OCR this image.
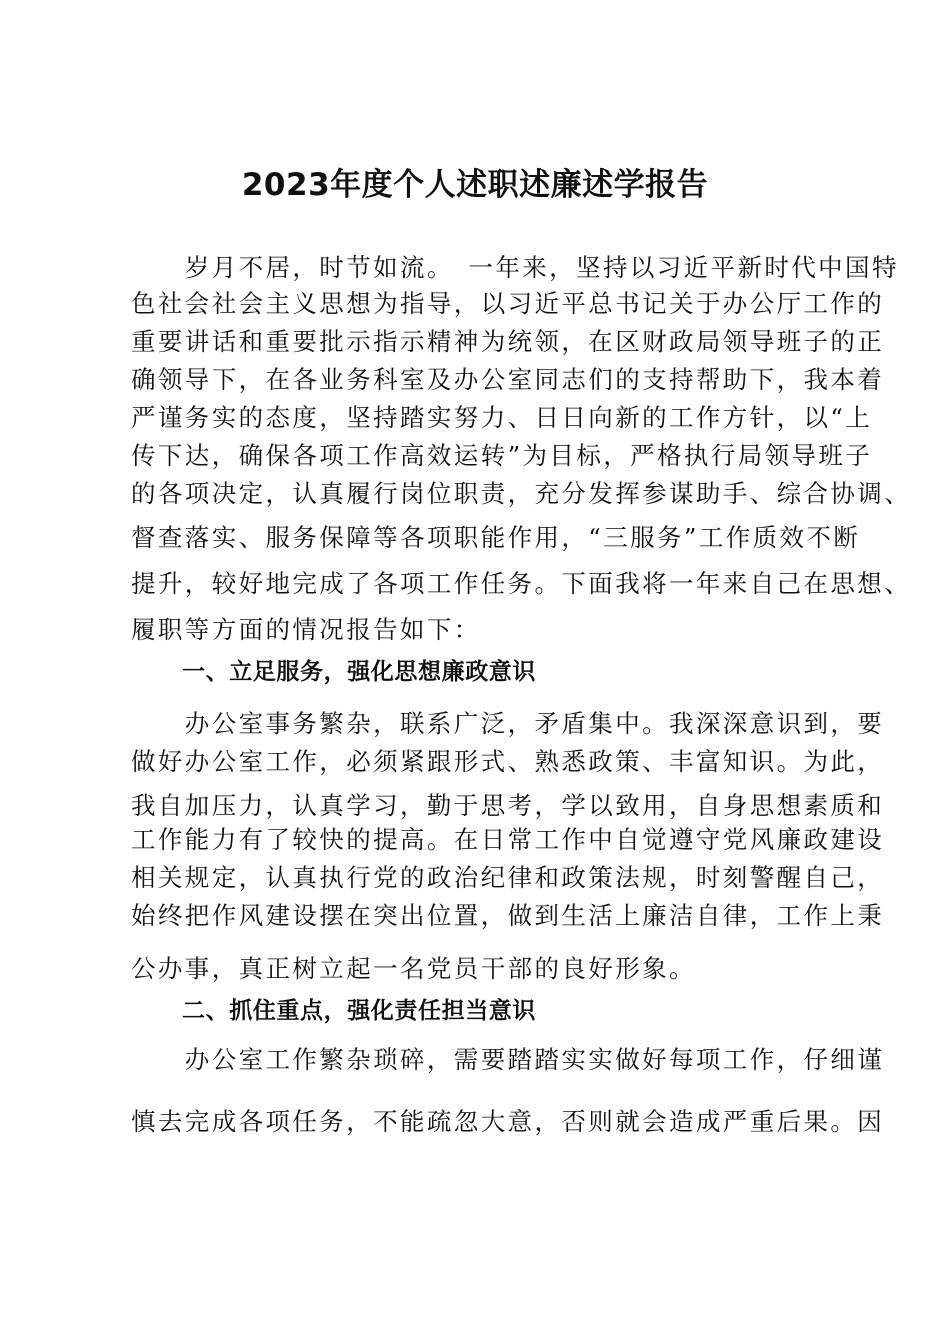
2023年度个人述职述廉述学报告
　　岁月不居，时节如流。　一年来，坚持以习近平新时代中国特
色社会社会主义思想为指导，以习近平总书记关于办公厅工作的
重要讲话和重要批示指示精神为统领，在区财政局领导班子的正
确领导下，在各业务科室及办公室同志们的支持帮助下，我本着
严谨务实的态度，坚持踏实努力、日日向新的工作方针，以“上
传下达，确保各项工作高效运转”为目标，严格执行局领导班子
的各项决定，认真履行岗位职责，充分发挥参谋助手、综合协调、
督查落实、服务保障等各项职能作用，“三服务”工作质效不断
提升，较好地完成了各项工作任务。下面我将一年来自己在思想、
履职等方面的情况报告如下：
一、立足服务，强化思想廉政意识
　　办公室事务繁杂，联系广泛，矛盾集中。我深深意识到，要
做好办公室工作，必须紧跟形式、熟悉政策、丰富知识。为此，
我自加压力，认真学习，勤于思考，学以致用，自身思想素质和
工作能力有了较快的提高。在日常工作中自觉遵守党风廉政建设
相关规定，认真执行党的政治纪律和政策法规，时刻警醒自己，
始终把作风建设摆在突出位置，做到生活上廉洁自律，工作上秉
公办事，真正树立起一名党员干部的良好形象。
二、抓住重点，强化责任担当意识
　　办公室工作繁杂琐碎，需要踏踏实实做好每项工作，仔细谨
慎去完成各项任务，不能疏忽大意，否则就会造成严重后果。因
